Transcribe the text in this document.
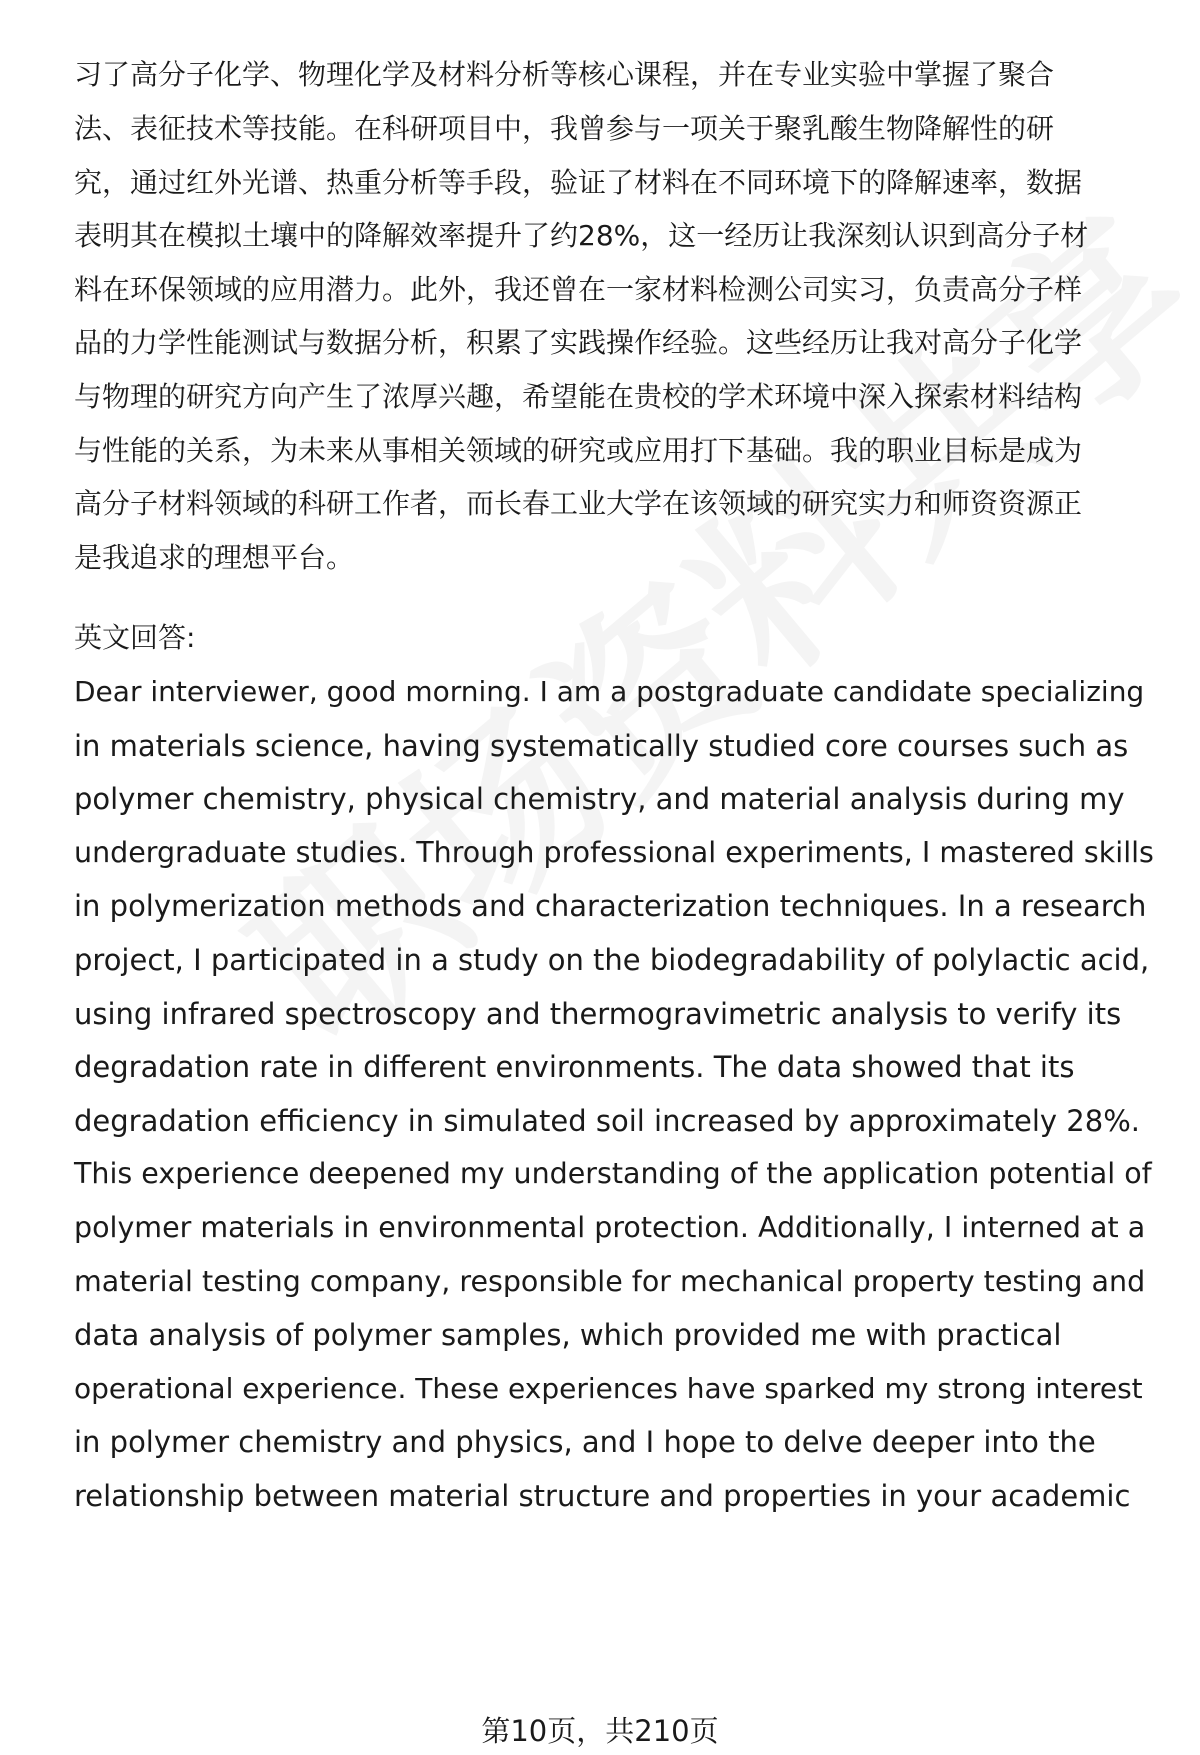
习了高分子化学、物理化学及材料分析等核心课程，并在专业实验中掌握了聚合
法、表征技术等技能。在科研项目中，我曾参与一项关于聚乳酸生物降解性的研
究，通过红外光谱、热重分析等手段，验证了材料在不同环境下的降解速率，数据
表明其在模拟土壤中的降解效率提升了约28%，这一经历让我深刻认识到高分子材
料在环保领域的应用潜力。此外，我还曾在一家材料检测公司实习，负责高分子样
品的力学性能测试与数据分析，积累了实践操作经验。这些经历让我对高分子化学
与物理的研究方向产生了浓厚兴趣，希望能在贵校的学术环境中深入探索材料结构
与性能的关系，为未来从事相关领域的研究或应用打下基础。我的职业目标是成为
高分子材料领域的科研工作者，而长春工业大学在该领域的研究实力和师资资源正
是我追求的理想平台。
英文回答:
Dear interviewer, good morning. I am a postgraduate candidate specializing
in materials science, having systematically studied core courses such as
polymer chemistry, physical chemistry, and material analysis during my
undergraduate studies. Through professional experiments, I mastered skills
in polymerization methods and characterization techniques. In a research
project, I participated in a study on the biodegradability of polylactic acid,
using infrared spectroscopy and thermogravimetric analysis to verify its
degradation rate in different environments. The data showed that its
degradation efficiency in simulated soil increased by approximately 28%.
This experience deepened my understanding of the application potential of
polymer materials in environmental protection. Additionally, I interned at a
material testing company, responsible for mechanical property testing and
data analysis of polymer samples, which provided me with practical
operational experience. These experiences have sparked my strong interest
in polymer chemistry and physics, and I hope to delve deeper into the
relationship between material structure and properties in your academic
第10页，共210页
